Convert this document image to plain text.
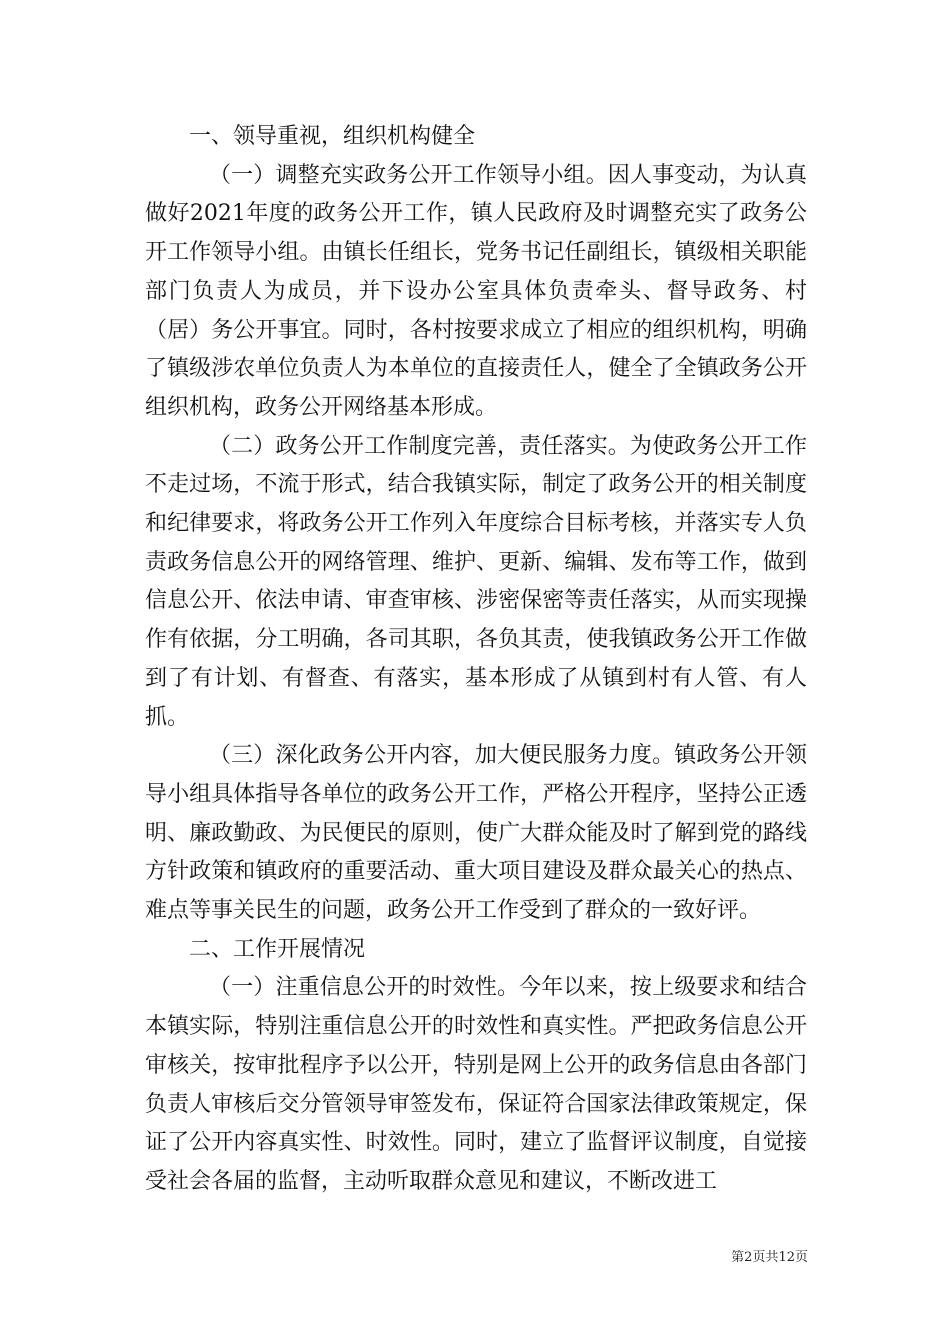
一、领导重视，组织机构健全

（一）调整充实政务公开工作领导小组。因人事变动，为认真做好2021年度的政务公开工作，镇人民政府及时调整充实了政务公开工作领导小组。由镇长任组长，党务书记任副组长，镇级相关职能部门负责人为成员，并下设办公室具体负责牵头、督导政务、村（居）务公开事宜。同时，各村按要求成立了相应的组织机构，明确了镇级涉农单位负责人为本单位的直接责任人，健全了全镇政务公开组织机构，政务公开网络基本形成。

（二）政务公开工作制度完善，责任落实。为使政务公开工作不走过场，不流于形式，结合我镇实际，制定了政务公开的相关制度和纪律要求，将政务公开工作列入年度综合目标考核，并落实专人负责政务信息公开的网络管理、维护、更新、编辑、发布等工作，做到信息公开、依法申请、审查审核、涉密保密等责任落实，从而实现操作有依据，分工明确，各司其职，各负其责，使我镇政务公开工作做到了有计划、有督查、有落实，基本形成了从镇到村有人管、有人抓。

（三）深化政务公开内容，加大便民服务力度。镇政务公开领导小组具体指导各单位的政务公开工作，严格公开程序，坚持公正透明、廉政勤政、为民便民的原则，使广大群众能及时了解到党的路线方针政策和镇政府的重要活动、重大项目建设及群众最关心的热点、难点等事关民生的问题，政务公开工作受到了群众的一致好评。

二、工作开展情况

（一）注重信息公开的时效性。今年以来，按上级要求和结合本镇实际，特别注重信息公开的时效性和真实性。严把政务信息公开审核关，按审批程序予以公开，特别是网上公开的政务信息由各部门负责人审核后交分管领导审签发布，保证符合国家法律政策规定，保证了公开内容真实性、时效性。同时，建立了监督评议制度，自觉接受社会各届的监督，主动听取群众意见和建议，不断改进工

第2页共12页
